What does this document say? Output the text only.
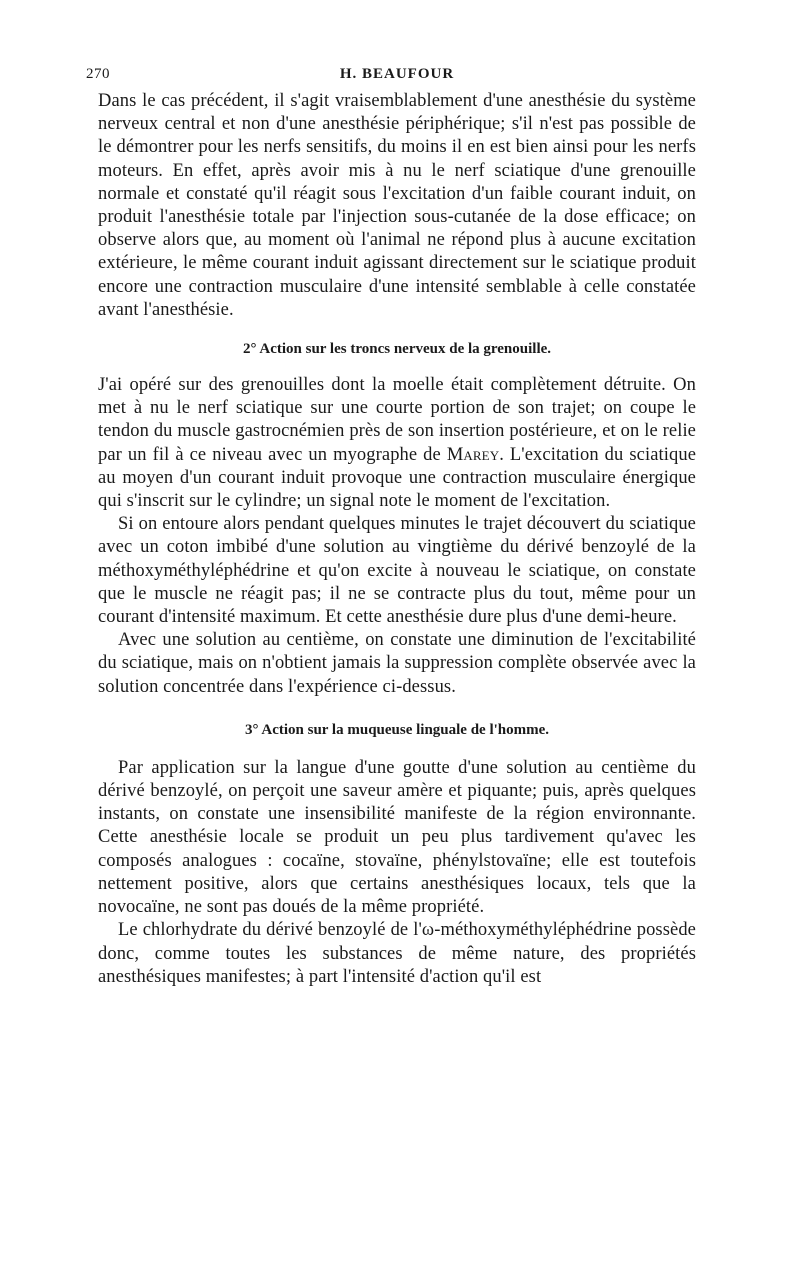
270	H. BEAUFOUR

Dans le cas précédent, il s'agit vraisemblablement d'une anesthésie du système nerveux central et non d'une anesthésie périphérique; s'il n'est pas possible de le démontrer pour les nerfs sensitifs, du moins il en est bien ainsi pour les nerfs moteurs. En effet, après avoir mis à nu le nerf sciatique d'une grenouille normale et constaté qu'il réagit sous l'excitation d'un faible courant induit, on produit l'anesthésie totale par l'injection sous-cutanée de la dose efficace; on observe alors que, au moment où l'animal ne répond plus à aucune excitation extérieure, le même courant induit agissant directement sur le sciatique produit encore une contraction musculaire d'une intensité semblable à celle constatée avant l'anesthésie.

2° Action sur les troncs nerveux de la grenouille.

J'ai opéré sur des grenouilles dont la moelle était complètement détruite. On met à nu le nerf sciatique sur une courte portion de son trajet; on coupe le tendon du muscle gastrocnémien près de son insertion postérieure, et on le relie par un fil à ce niveau avec un myographe de Marey. L'excitation du sciatique au moyen d'un courant induit provoque une contraction musculaire énergique qui s'inscrit sur le cylindre; un signal note le moment de l'excitation.

Si on entoure alors pendant quelques minutes le trajet découvert du sciatique avec un coton imbibé d'une solution au vingtième du dérivé benzoylé de la méthoxyméthyléphédrine et qu'on excite à nouveau le sciatique, on constate que le muscle ne réagit pas; il ne se contracte plus du tout, même pour un courant d'intensité maximum. Et cette anesthésie dure plus d'une demi-heure.

Avec une solution au centième, on constate une diminution de l'excitabilité du sciatique, mais on n'obtient jamais la suppression complète observée avec la solution concentrée dans l'expérience ci-dessus.

3° Action sur la muqueuse linguale de l'homme.

Par application sur la langue d'une goutte d'une solution au centième du dérivé benzoylé, on perçoit une saveur amère et piquante; puis, après quelques instants, on constate une insensibilité manifeste de la région environnante. Cette anesthésie locale se produit un peu plus tardivement qu'avec les composés analogues : cocaïne, stovaïne, phénylstovaïne; elle est toutefois nettement positive, alors que certains anesthésiques locaux, tels que la novocaïne, ne sont pas doués de la même propriété.

Le chlorhydrate du dérivé benzoylé de l'ω-méthoxyméthyléphédrine possède donc, comme toutes les substances de même nature, des propriétés anesthésiques manifestes; à part l'intensité d'action qu'il est
